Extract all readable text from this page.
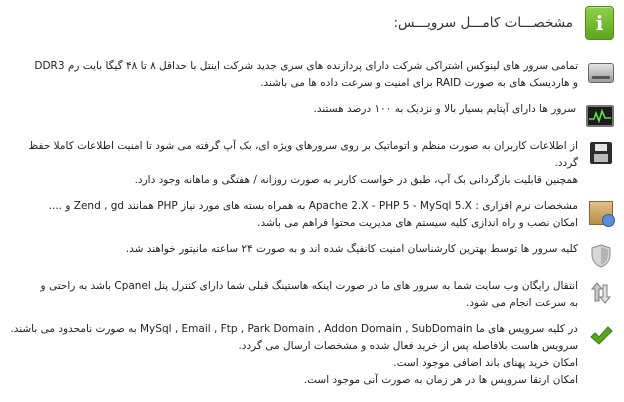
i
مشخصـــات کامـــل سرویـــس:

تمامی سرور های لینوکس اشتراکی شرکت دارای پردازنده های سری جدید شرکت اینتل با حداقل ۸ تا ۴۸ گیگا بایت رم DDR3

و هاردیسک های به صورت RAID برای امنیت و سرعت داده ها می باشند.

سرور ها دارای آپتایم بسیار بالا و نزدیک به ۱۰۰ درصد هستند.

از اطلاعات کاربران به صورت منظم و اتوماتیک بر روی سرورهای ویژه ای، بک آپ گرفته می شود تا امنیت اطلاعات کاملا حفظ گردد.

همچنین قابلیت بازگردانی بک آپ، طبق در خواست کاربر به صورت روزانه / هفتگی و ماهانه وجود دارد.

مشخصات نرم افزاری : Apache 2.X - PHP 5 - MySql 5.X به همراه بسته های مورد نیاز PHP همانند Zend , gd و ....

امکان نصب و راه اندازی کلیه سیستم های مدیریت محتوا فراهم می باشد.

کلیه سرور ها توسط بهترین کارشناسان امنیت کانفیگ شده اند و به صورت ۲۴ ساعته مانیتور خواهند شد.

انتقال رایگان وب سایت شما به سرور های ما در صورت اینکه هاستینگ قبلی شما دارای کنترل پنل Cpanel باشد به راحتی و

به سرعت انجام می شود.

در کلیه سرویس های ما MySql , Email , Ftp , Park Domain , Addon Domain , SubDomain به صورت نامحدود می باشند.

سرویس هاست بلافاصله پس از خرید فعال شده و مشخصات ارسال می گردد.

امکان خرید پهنای باند اضافی موجود است.

امکان ارتقا سرویس ها در هر زمان به صورت آنی موجود است.
